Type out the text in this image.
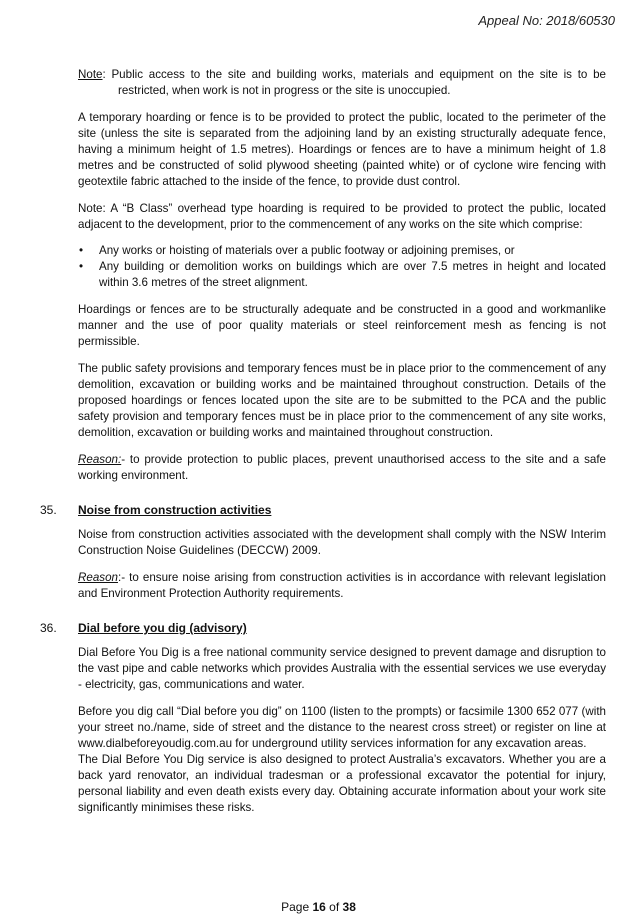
Appeal No: 2018/60530

Note: Public access to the site and building works, materials and equipment on the site is to be restricted, when work is not in progress or the site is unoccupied.

A temporary hoarding or fence is to be provided to protect the public, located to the perimeter of the site (unless the site is separated from the adjoining land by an existing structurally adequate fence, having a minimum height of 1.5 metres). Hoardings or fences are to have a minimum height of 1.8 metres and be constructed of solid plywood sheeting (painted white) or of cyclone wire fencing with geotextile fabric attached to the inside of the fence, to provide dust control.

Note: A “B Class” overhead type hoarding is required to be provided to protect the public, located adjacent to the development, prior to the commencement of any works on the site which comprise:

• Any works or hoisting of materials over a public footway or adjoining premises, or
• Any building or demolition works on buildings which are over 7.5 metres in height and located within 3.6 metres of the street alignment.

Hoardings or fences are to be structurally adequate and be constructed in a good and workmanlike manner and the use of poor quality materials or steel reinforcement mesh as fencing is not permissible.

The public safety provisions and temporary fences must be in place prior to the commencement of any demolition, excavation or building works and be maintained throughout construction. Details of the proposed hoardings or fences located upon the site are to be submitted to the PCA and the public safety provision and temporary fences must be in place prior to the commencement of any site works, demolition, excavation or building works and maintained throughout construction.

Reason:- to provide protection to public places, prevent unauthorised access to the site and a safe working environment.

35.	Noise from construction activities

Noise from construction activities associated with the development shall comply with the NSW Interim Construction Noise Guidelines (DECCW) 2009.

Reason:- to ensure noise arising from construction activities is in accordance with relevant legislation and Environment Protection Authority requirements.

36.	Dial before you dig (advisory)

Dial Before You Dig is a free national community service designed to prevent damage and disruption to the vast pipe and cable networks which provides Australia with the essential services we use everyday - electricity, gas, communications and water.

Before you dig call “Dial before you dig” on 1100 (listen to the prompts) or facsimile 1300 652 077 (with your street no./name, side of street and the distance to the nearest cross street) or register on line at www.dialbeforeyoudig.com.au for underground utility services information for any excavation areas.

The Dial Before You Dig service is also designed to protect Australia’s excavators. Whether you are a back yard renovator, an individual tradesman or a professional excavator the potential for injury, personal liability and even death exists every day. Obtaining accurate information about your work site significantly minimises these risks.

Page 16 of 38
